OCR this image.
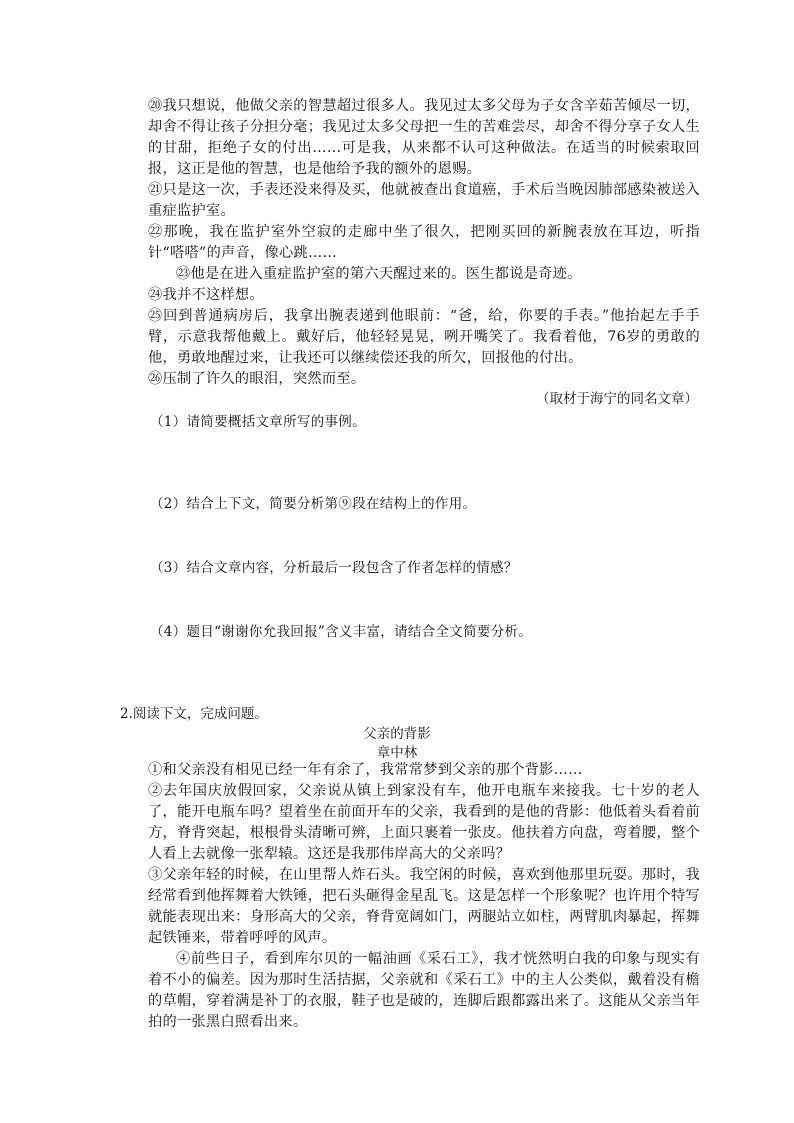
⑳我只想说，他做父亲的智慧超过很多人。我见过太多父母为子女含辛茹苦倾尽一切，却舍不得让孩子分担分毫；我见过太多父母把一生的苦难尝尽，却舍不得分享子女人生的甘甜，拒绝子女的付出……可是我，从来都不认可这种做法。在适当的时候索取回报，这正是他的智慧，也是他给予我的额外的恩赐。
㉑只是这一次，手表还没来得及买，他就被查出食道癌，手术后当晚因肺部感染被送入重症监护室。
㉒那晚，我在监护室外空寂的走廊中坐了很久，把刚买回的新腕表放在耳边，听指针“嗒嗒”的声音，像心跳……
㉓他是在进入重症监护室的第六天醒过来的。医生都说是奇迹。
㉔我并不这样想。
㉕回到普通病房后，我拿出腕表递到他眼前：“爸，给，你要的手表。”他抬起左手手臂，示意我帮他戴上。戴好后，他轻轻晃晃，咧开嘴笑了。我看着他，76岁的勇敢的他，勇敢地醒过来，让我还可以继续偿还我的所欠，回报他的付出。
㉖压制了许久的眼泪，突然而至。
（取材于海宁的同名文章）
（1）请简要概括文章所写的事例。
（2）结合上下文，简要分析第⑨段在结构上的作用。
（3）结合文章内容，分析最后一段包含了作者怎样的情感？
（4）题目“谢谢你允我回报”含义丰富，请结合全文简要分析。
2.阅读下文，完成问题。
父亲的背影
章中林
①和父亲没有相见已经一年有余了，我常常梦到父亲的那个背影……
②去年国庆放假回家，父亲说从镇上到家没有车，他开电瓶车来接我。七十岁的老人了，能开电瓶车吗？望着坐在前面开车的父亲，我看到的是他的背影：他低着头看着前方，脊背突起，根根骨头清晰可辨，上面只裹着一张皮。他扶着方向盘，弯着腰，整个人看上去就像一张犁辕。这还是我那伟岸高大的父亲吗？
③父亲年轻的时候，在山里帮人炸石头。我空闲的时候，喜欢到他那里玩耍。那时，我经常看到他挥舞着大铁锤，把石头砸得金星乱飞。这是怎样一个形象呢？也许用个特写就能表现出来：身形高大的父亲，脊背宽阔如门，两腿站立如柱，两臂肌肉暴起，挥舞起铁锤来，带着呼呼的风声。
④前些日子，看到库尔贝的一幅油画《采石工》，我才恍然明白我的印象与现实有着不小的偏差。因为那时生活拮据，父亲就和《采石工》中的主人公类似，戴着没有檐的草帽，穿着满是补丁的衣服，鞋子也是破的，连脚后跟都露出来了。这能从父亲当年拍的一张黑白照看出来。
